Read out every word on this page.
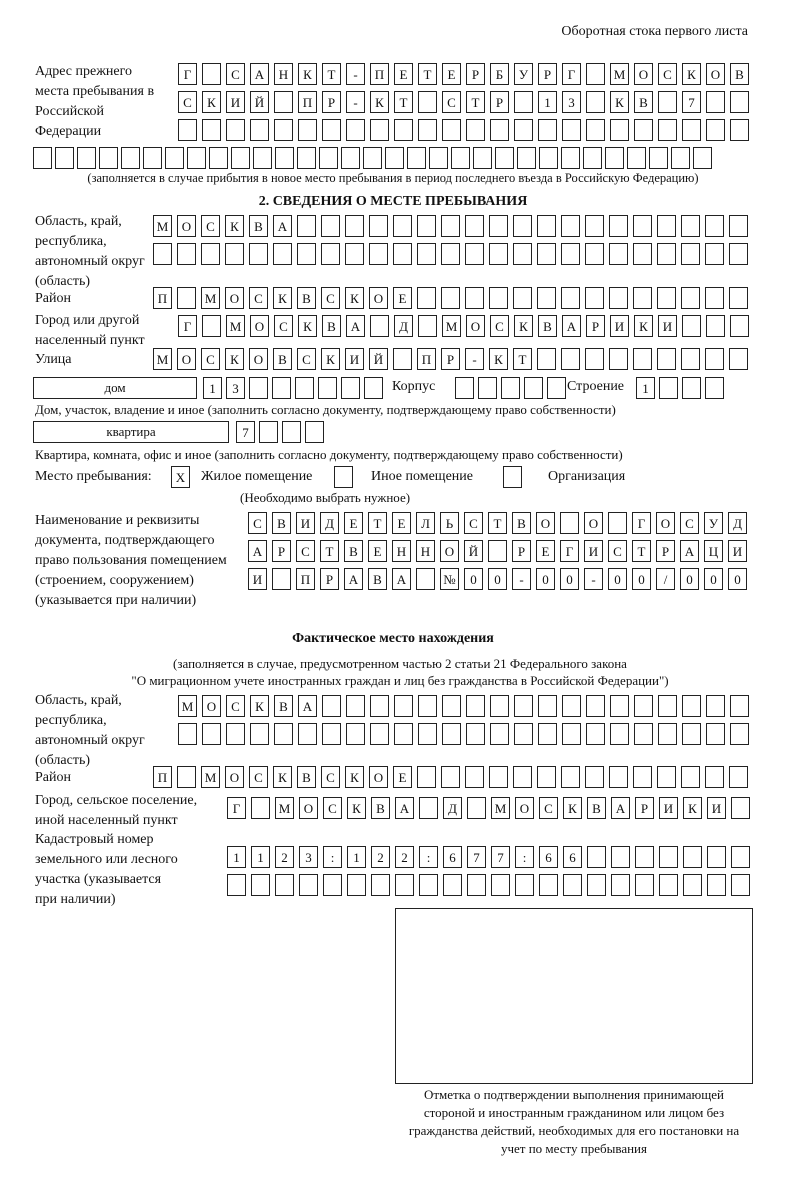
Оборотная стока первого листа
Адрес прежнего места пребывания в Российской Федерации
Г	С	А	Н	К	Т	-	П	Е	Т	Е	Р	Б	У	Р	Г	М	О	С	К	О	В
С	К	И	Й	П	Р	-	К	Т	С	Т	Р	1	3	К	В	7
(заполняется в случае прибытия в новое место пребывания в период последнего въезда в Российскую Федерацию)
2. СВЕДЕНИЯ О МЕСТЕ ПРЕБЫВАНИЯ
Область, край, республика, автономный округ (область)
М	О	С	К	В	А
Район	П	М	О	С	К	В	С	К	О	Е
Город или другой населенный пункт
Г	М	О	С	К	В	А	Д	М	О	С	К	В	А	Р	И	К	И
Улица	М	О	С	К	О	В	С	К	И	Й	П	Р	-	К	Т
дом	1	3	Корпус	Строение	1
Дом, участок, владение и иное (заполнить согласно документу, подтверждающему право собственности)
квартира	7
Квартира, комната, офис и иное (заполнить согласно документу, подтверждающему право собственности)
Место пребывания:	X	Жилое помещение	Иное помещение	Организация
(Необходимо выбрать нужное)
Наименование и реквизиты документа, подтверждающего право пользования помещением (строением, сооружением) (указывается при наличии)
С	В	И	Д	Е	Т	Е	Л	Ь	С	Т	В	О	О	Г	О	С	У	Д
А	Р	С	Т	В	Е	Н	Н	О	Й	Р	Е	Г	И	С	Т	Р	А	Ц	И
И	П	Р	А	В	А	№	0	0	-	0	0	-	0	0	/	0	0	0
Фактическое место нахождения
(заполняется в случае, предусмотренном частью 2 статьи 21 Федерального закона
"О миграционном учете иностранных граждан и лиц без гражданства в Российской Федерации")
Область, край, республика, автономный округ (область)
М	О	С	К	В	А
Район	П	М	О	С	К	В	С	К	О	Е
Город, сельское поселение, иной населенный пункт
Г	М	О	С	К	В	А	Д	М	О	С	К	В	А	Р	И	К	И
Кадастровый номер земельного или лесного участка (указывается при наличии)
1	1	2	3	:	1	2	2	:	6	7	7	:	6	6
Отметка о подтверждении выполнения принимающей стороной и иностранным гражданином или лицом без гражданства действий, необходимых для его постановки на учет по месту пребывания
